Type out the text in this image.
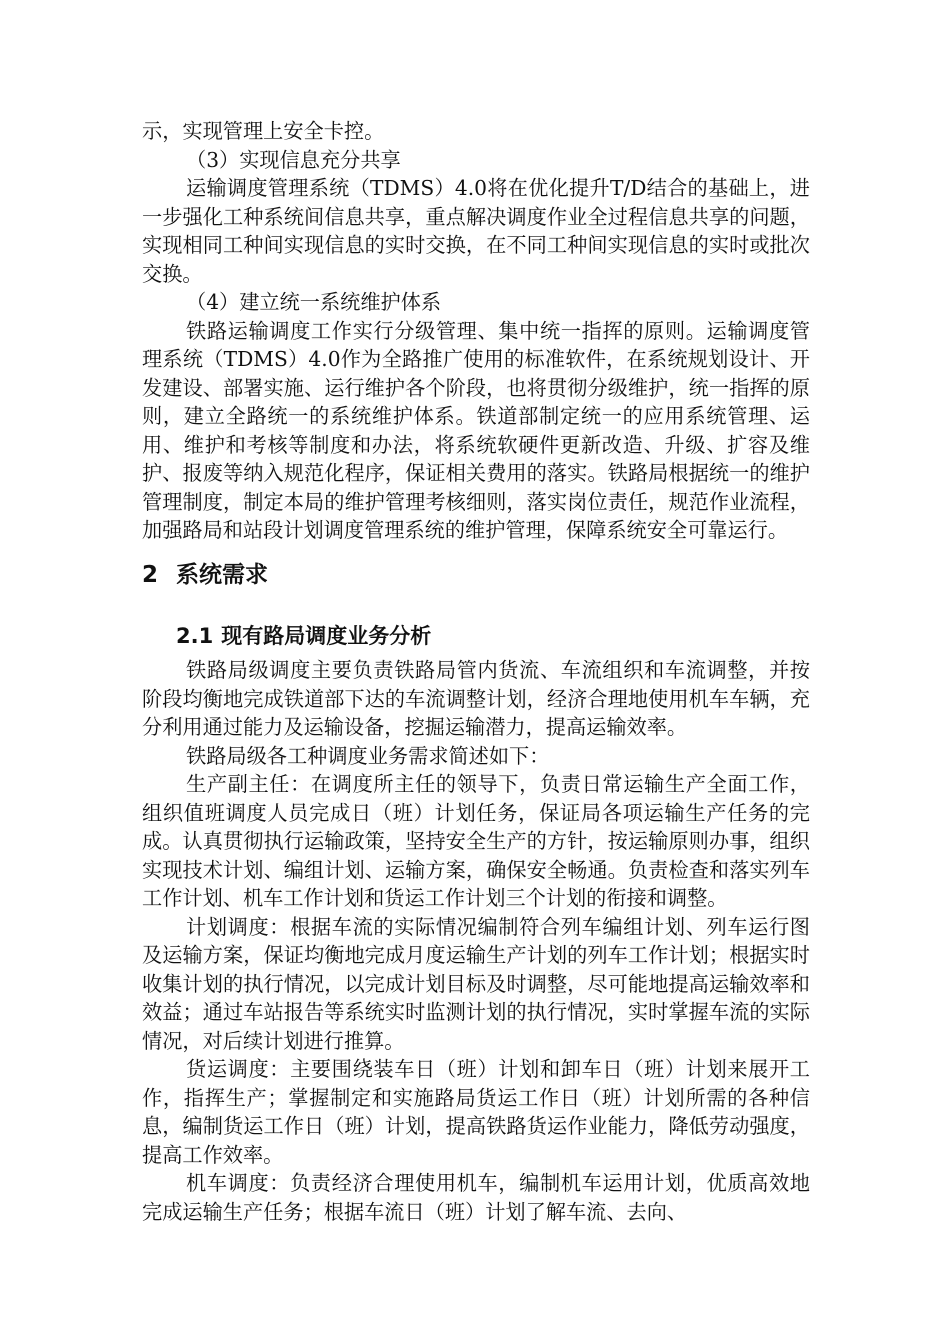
示，实现管理上安全卡控。

（3）实现信息充分共享

运输调度管理系统（TDMS）4.0将在优化提升T/D结合的基础上，进一步强化工种系统间信息共享，重点解决调度作业全过程信息共享的问题，实现相同工种间实现信息的实时交换，在不同工种间实现信息的实时或批次交换。

（4）建立统一系统维护体系

铁路运输调度工作实行分级管理、集中统一指挥的原则。运输调度管理系统（TDMS）4.0作为全路推广使用的标准软件，在系统规划设计、开发建设、部署实施、运行维护各个阶段，也将贯彻分级维护，统一指挥的原则，建立全路统一的系统维护体系。铁道部制定统一的应用系统管理、运用、维护和考核等制度和办法，将系统软硬件更新改造、升级、扩容及维护、报废等纳入规范化程序，保证相关费用的落实。铁路局根据统一的维护管理制度，制定本局的维护管理考核细则，落实岗位责任，规范作业流程，加强路局和站段计划调度管理系统的维护管理，保障系统安全可靠运行。

2 系统需求
2.1 现有路局调度业务分析

铁路局级调度主要负责铁路局管内货流、车流组织和车流调整，并按阶段均衡地完成铁道部下达的车流调整计划，经济合理地使用机车车辆，充分利用通过能力及运输设备，挖掘运输潜力，提高运输效率。

铁路局级各工种调度业务需求简述如下：

生产副主任：在调度所主任的领导下，负责日常运输生产全面工作，组织值班调度人员完成日（班）计划任务，保证局各项运输生产任务的完成。认真贯彻执行运输政策，坚持安全生产的方针，按运输原则办事，组织实现技术计划、编组计划、运输方案，确保安全畅通。负责检查和落实列车工作计划、机车工作计划和货运工作计划三个计划的衔接和调整。

计划调度：根据车流的实际情况编制符合列车编组计划、列车运行图及运输方案，保证均衡地完成月度运输生产计划的列车工作计划；根据实时收集计划的执行情况，以完成计划目标及时调整，尽可能地提高运输效率和效益；通过车站报告等系统实时监测计划的执行情况，实时掌握车流的实际情况，对后续计划进行推算。

货运调度：主要围绕装车日（班）计划和卸车日（班）计划来展开工作，指挥生产；掌握制定和实施路局货运工作日（班）计划所需的各种信息，编制货运工作日（班）计划，提高铁路货运作业能力，降低劳动强度，提高工作效率。

机车调度：负责经济合理使用机车，编制机车运用计划，优质高效地完成运输生产任务；根据车流日（班）计划了解车流、去向、
